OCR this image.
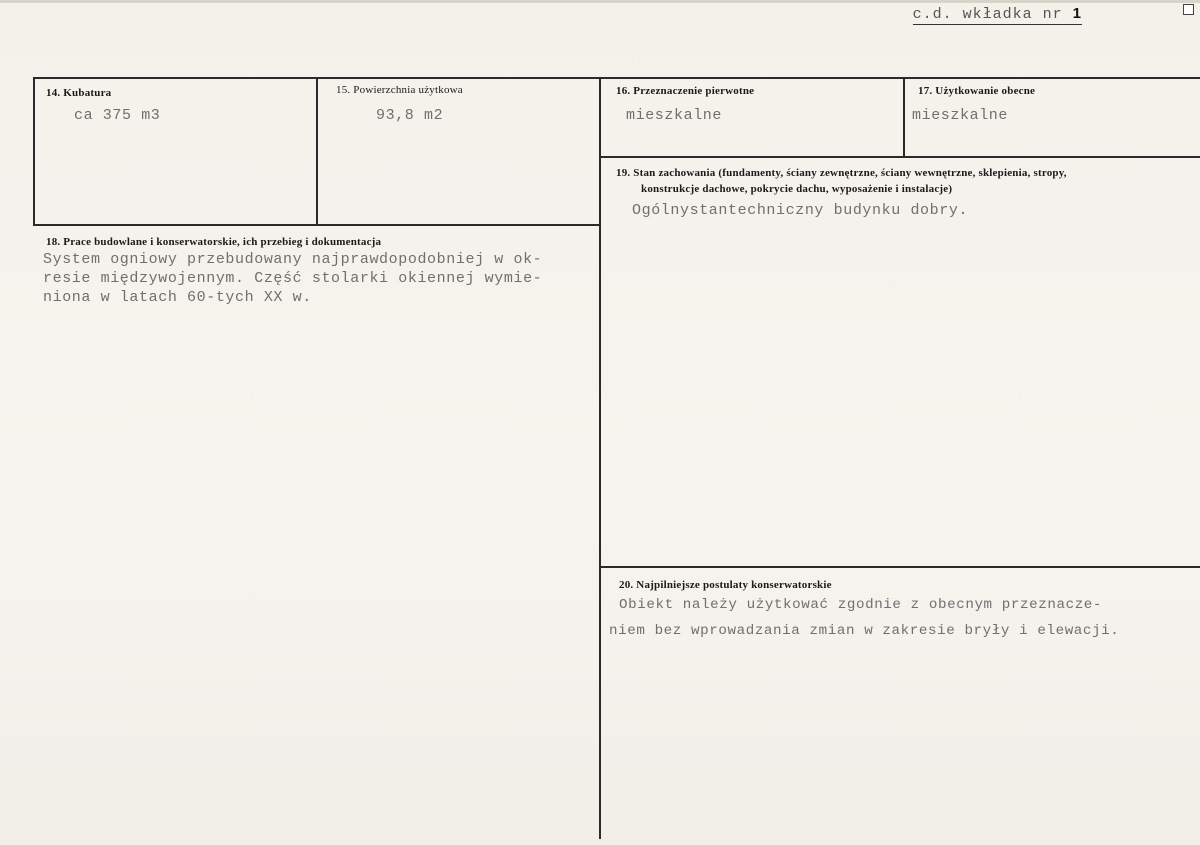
c.d. wkładka nr 1
14. Kubatura
ca 375 m3
15. Powierzchnia użytkowa
93,8 m2
16. Przeznaczenie pierwotne
mieszkalne
17. Użytkowanie obecne
mieszkalne
19. Stan zachowania (fundamenty, ściany zewnętrzne, ściany wewnętrzne, sklepienia, stropy,
konstrukcje dachowe, pokrycie dachu, wyposażenie i instalacje)
Ogólnystantechniczny budynku dobry.
18. Prace budowlane i konserwatorskie, ich przebieg i dokumentacja
System ogniowy przebudowany najprawdopodobniej w ok-
resie międzywojennym. Część stolarki okiennej wymie-
niona w latach 60-tych XX w.
20. Najpilniejsze postulaty konserwatorskie
Obiekt należy użytkować zgodnie z obecnym przeznacze-
niem bez wprowadzania zmian w zakresie bryły i elewacji.
